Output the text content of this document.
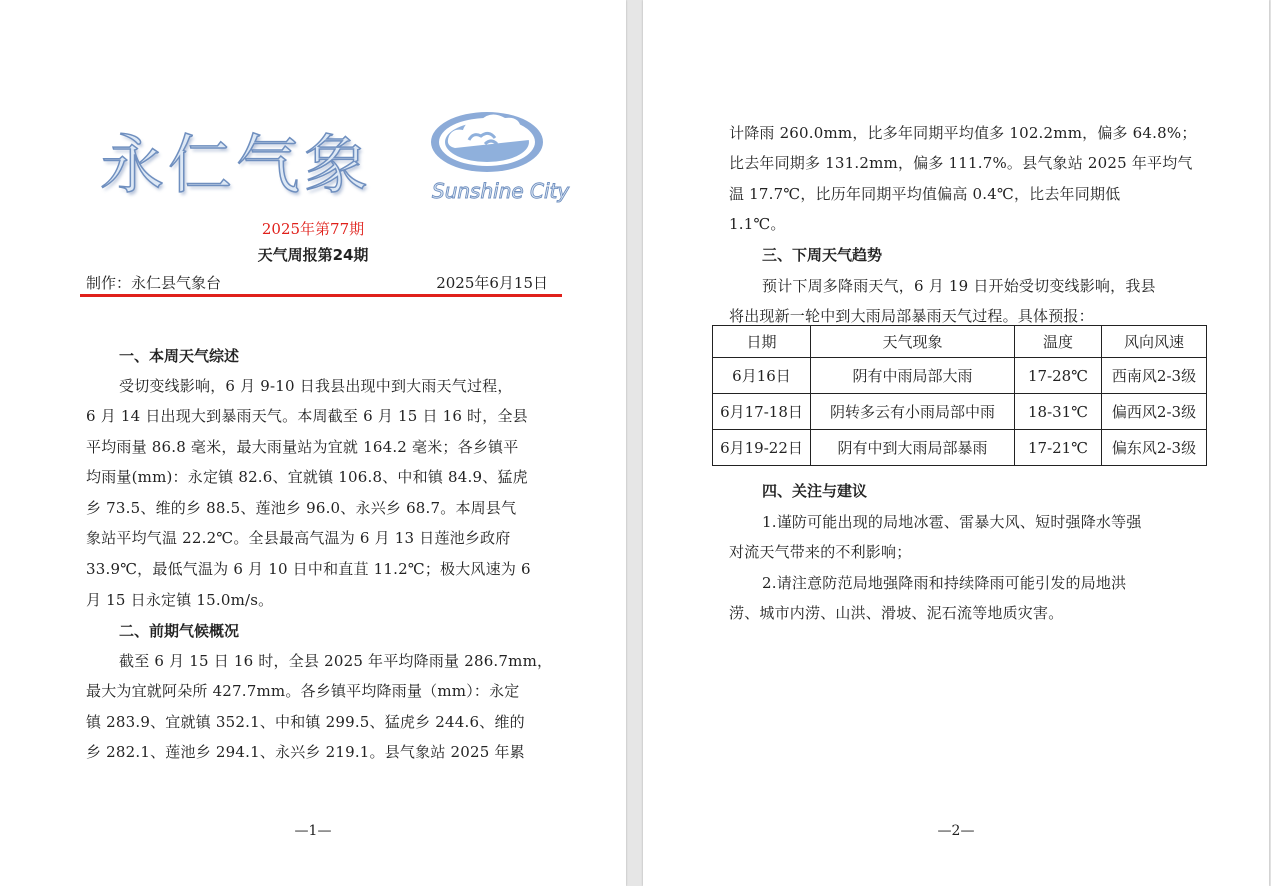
永仁气象	Sunshine City
2025年第77期
天气周报第24期
制作：永仁县气象台	2025年6月15日
一、本周天气综述
受切变线影响，6 月 9-10 日我县出现中到大雨天气过程，
6 月 14 日出现大到暴雨天气。本周截至 6 月 15 日 16 时，全县
平均雨量 86.8 毫米，最大雨量站为宜就 164.2 毫米；各乡镇平
均雨量(mm)：永定镇 82.6、宜就镇 106.8、中和镇 84.9、猛虎
乡 73.5、维的乡 88.5、莲池乡 96.0、永兴乡 68.7。本周县气
象站平均气温 22.2℃。全县最高气温为 6 月 13 日莲池乡政府
33.9℃，最低气温为 6 月 10 日中和直苴 11.2℃；极大风速为 6
月 15 日永定镇 15.0m/s。
二、前期气候概况
截至 6 月 15 日 16 时，全县 2025 年平均降雨量 286.7mm，
最大为宜就阿朵所 427.7mm。各乡镇平均降雨量（mm）：永定
镇 283.9、宜就镇 352.1、中和镇 299.5、猛虎乡 244.6、维的
乡 282.1、莲池乡 294.1、永兴乡 219.1。县气象站 2025 年累
—1—	—2—
计降雨 260.0mm，比多年同期平均值多 102.2mm，偏多 64.8%；
比去年同期多 131.2mm，偏多 111.7%。县气象站 2025 年平均气
温 17.7℃，比历年同期平均值偏高 0.4℃，比去年同期低
1.1℃。
三、下周天气趋势
预计下周多降雨天气，6 月 19 日开始受切变线影响，我县
将出现新一轮中到大雨局部暴雨天气过程。具体预报：
日期	天气现象	温度	风向风速
6月16日	阴有中雨局部大雨	17-28℃	西南风2-3级
6月17-18日	阴转多云有小雨局部中雨	18-31℃	偏西风2-3级
6月19-22日	阴有中到大雨局部暴雨	17-21℃	偏东风2-3级
四、关注与建议
1.谨防可能出现的局地冰雹、雷暴大风、短时强降水等强
对流天气带来的不利影响；
2.请注意防范局地强降雨和持续降雨可能引发的局地洪
涝、城市内涝、山洪、滑坡、泥石流等地质灾害。
